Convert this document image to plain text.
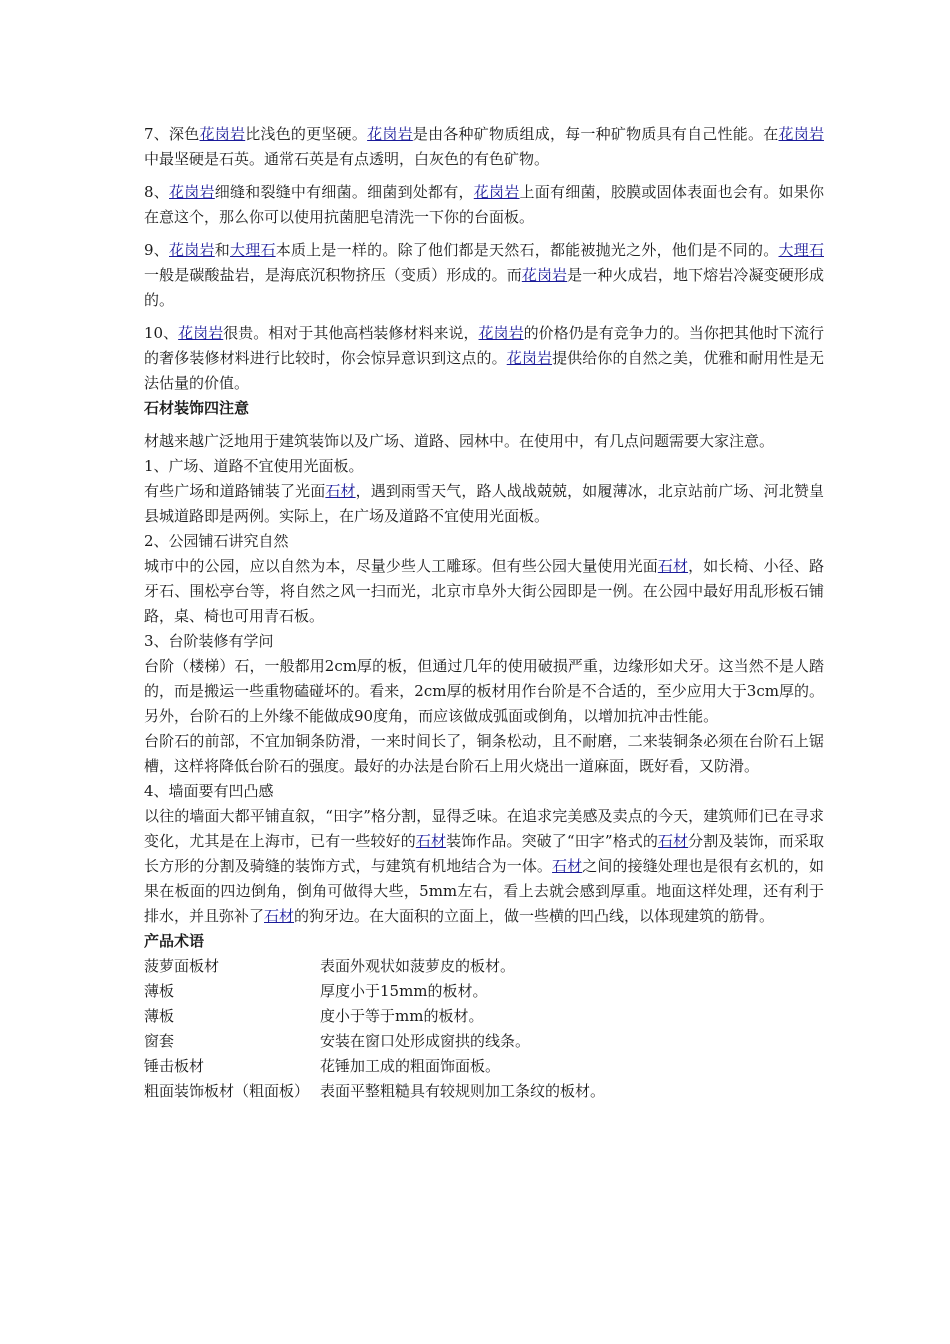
7、深色花岗岩比浅色的更坚硬。花岗岩是由各种矿物质组成，每一种矿物质具有自己性能。在花岗岩中最坚硬是石英。通常石英是有点透明，白灰色的有色矿物。

8、花岗岩细缝和裂缝中有细菌。细菌到处都有，花岗岩上面有细菌，胶膜或固体表面也会有。如果你在意这个，那么你可以使用抗菌肥皂清洗一下你的台面板。

9、花岗岩和大理石本质上是一样的。除了他们都是天然石，都能被抛光之外，他们是不同的。大理石一般是碳酸盐岩，是海底沉积物挤压（变质）形成的。而花岗岩是一种火成岩，地下熔岩冷凝变硬形成的。

10、花岗岩很贵。相对于其他高档装修材料来说，花岗岩的价格仍是有竞争力的。当你把其他时下流行的奢侈装修材料进行比较时，你会惊异意识到这点的。花岗岩提供给你的自然之美，优雅和耐用性是无法估量的价值。

石材装饰四注意

材越来越广泛地用于建筑装饰以及广场、道路、园林中。在使用中，有几点问题需要大家注意。

1、广场、道路不宜使用光面板。

有些广场和道路铺装了光面石材，遇到雨雪天气，路人战战兢兢，如履薄冰，北京站前广场、河北赞皇县城道路即是两例。实际上，在广场及道路不宜使用光面板。

2、公园铺石讲究自然

城市中的公园，应以自然为本，尽量少些人工雕琢。但有些公园大量使用光面石材，如长椅、小径、路牙石、围松亭台等，将自然之风一扫而光，北京市阜外大街公园即是一例。在公园中最好用乱形板石铺路，桌、椅也可用青石板。

3、台阶装修有学问

台阶（楼梯）石，一般都用2cm厚的板，但通过几年的使用破损严重，边缘形如犬牙。这当然不是人踏的，而是搬运一些重物磕碰坏的。看来，2cm厚的板材用作台阶是不合适的，至少应用大于3cm厚的。另外，台阶石的上外缘不能做成90度角，而应该做成弧面或倒角，以增加抗冲击性能。

台阶石的前部，不宜加铜条防滑，一来时间长了，铜条松动，且不耐磨，二来装铜条必须在台阶石上锯槽，这样将降低台阶石的强度。最好的办法是台阶石上用火烧出一道麻面，既好看，又防滑。

4、墙面要有凹凸感

以往的墙面大都平铺直叙，“田字”格分割，显得乏味。在追求完美感及卖点的今天，建筑师们已在寻求变化，尤其是在上海市，已有一些较好的石材装饰作品。突破了“田字”格式的石材分割及装饰，而采取长方形的分割及骑缝的装饰方式，与建筑有机地结合为一体。石材之间的接缝处理也是很有玄机的，如果在板面的四边倒角，倒角可做得大些，5mm左右，看上去就会感到厚重。地面这样处理，还有利于排水，并且弥补了石材的狗牙边。在大面积的立面上，做一些横的凹凸线，以体现建筑的筋骨。

产品术语

菠萝面板材	表面外观状如菠萝皮的板材。
薄板	厚度小于15mm的板材。
薄板	度小于等于mm的板材。
窗套	安装在窗口处形成窗拱的线条。
锤击板材	花锤加工成的粗面饰面板。
粗面装饰板材（粗面板） 表面平整粗糙具有较规则加工条纹的板材。
